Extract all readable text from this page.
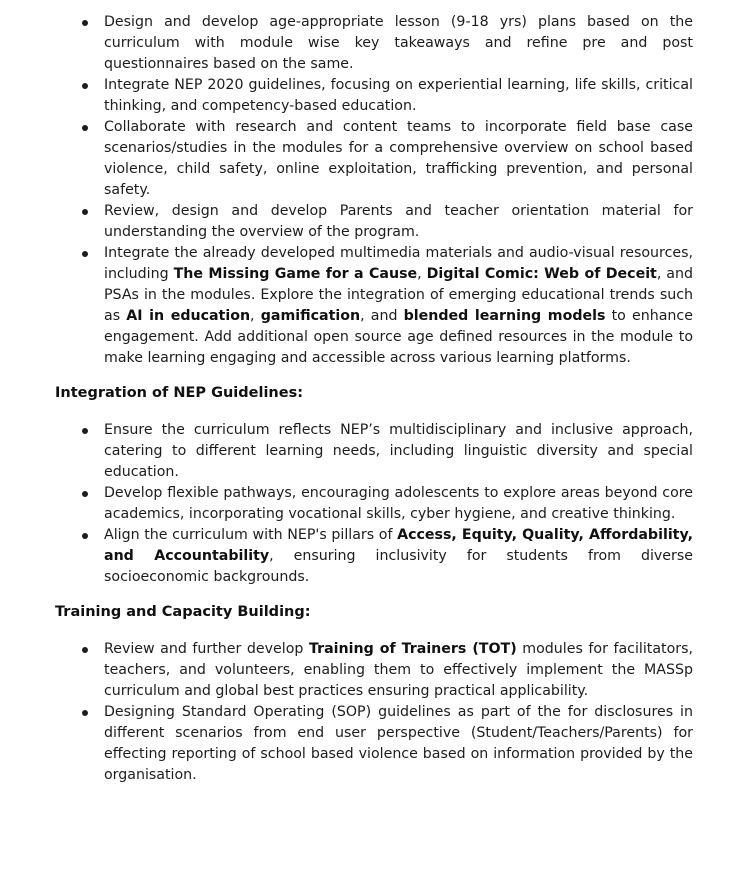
Design and develop age-appropriate lesson (9-18 yrs) plans based on the curriculum with module wise key takeaways and refine pre and post questionnaires based on the same.
Integrate NEP 2020 guidelines, focusing on experiential learning, life skills, critical thinking, and competency-based education.
Collaborate with research and content teams to incorporate field base case scenarios/studies in the modules for a comprehensive overview on school based violence, child safety, online exploitation, trafficking prevention, and personal safety.
Review, design and develop Parents and teacher orientation material for understanding the overview of the program.
Integrate the already developed multimedia materials and audio-visual resources, including The Missing Game for a Cause, Digital Comic: Web of Deceit, and PSAs in the modules. Explore the integration of emerging educational trends such as AI in education, gamification, and blended learning models to enhance engagement. Add additional open source age defined resources in the module to make learning engaging and accessible across various learning platforms.
Integration of NEP Guidelines:
Ensure the curriculum reflects NEP’s multidisciplinary and inclusive approach, catering to different learning needs, including linguistic diversity and special education.
Develop flexible pathways, encouraging adolescents to explore areas beyond core academics, incorporating vocational skills, cyber hygiene, and creative thinking.
Align the curriculum with NEP's pillars of Access, Equity, Quality, Affordability, and Accountability, ensuring inclusivity for students from diverse socioeconomic backgrounds.
Training and Capacity Building:
Review and further develop Training of Trainers (TOT) modules for facilitators, teachers, and volunteers, enabling them to effectively implement the MASSp curriculum and global best practices ensuring practical applicability.
Designing Standard Operating (SOP) guidelines as part of the for disclosures in different scenarios from end user perspective (Student/Teachers/Parents) for effecting reporting of school based violence based on information provided by the organisation.
